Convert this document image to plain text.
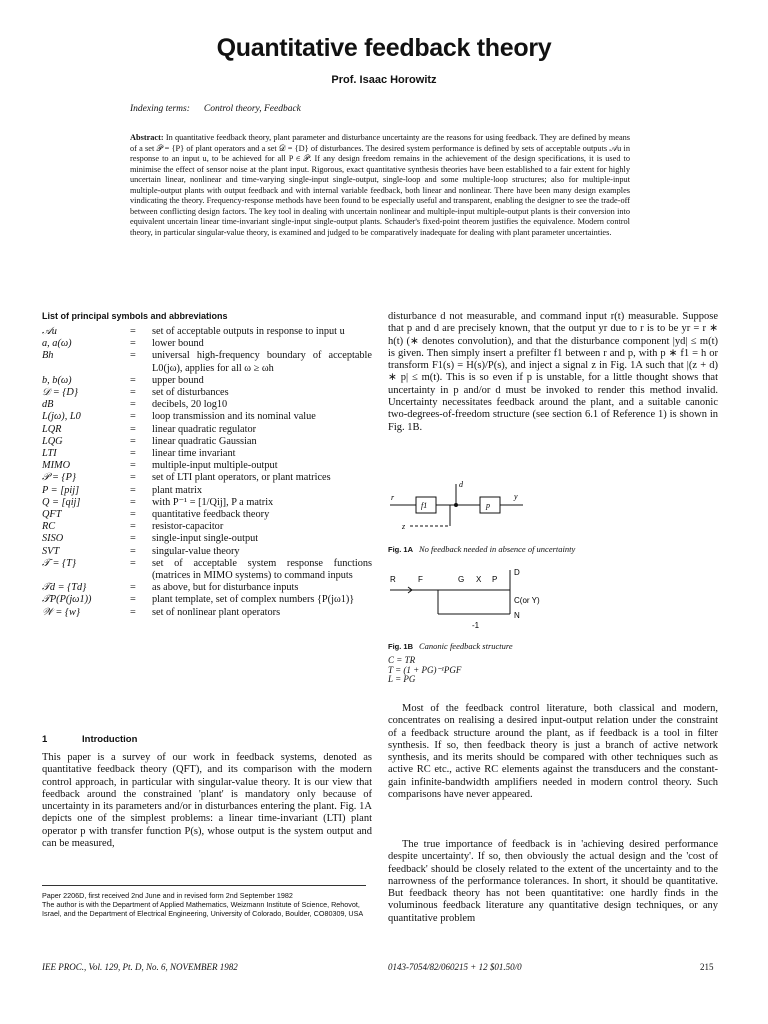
Quantitative feedback theory
Prof. Isaac Horowitz
Indexing terms: Control theory, Feedback
Abstract: In quantitative feedback theory, plant parameter and disturbance uncertainty are the reasons for using feedback. They are defined by means of a set 𝒫 = {P} of plant operators and a set 𝒟 = {D} of disturbances. The desired system performance is defined by sets of acceptable outputs 𝒜u in response to an input u, to be achieved for all P ∈ 𝒫. If any design freedom remains in the achievement of the design specifications, it is used to minimise the effect of sensor noise at the plant input. Rigorous, exact quantitative synthesis theories have been established to a fair extent for highly uncertain linear, nonlinear and time-varying single-input single-output, single-loop and some multiple-loop structures; also for multiple-input multiple-output plants with output feedback and with internal variable feedback, both linear and nonlinear. There have been many design examples vindicating the theory. Frequency-response methods have been found to be especially useful and transparent, enabling the designer to see the trade-off between conflicting design factors. The key tool in dealing with uncertain nonlinear and multiple-input multiple-output plants is their conversion into equivalent uncertain linear time-invariant single-input single-output plants. Schauder's fixed-point theorem justifies the equivalence. Modern control theory, in particular singular-value theory, is examined and judged to be comparatively inadequate for dealing with plant parameter uncertainties.
List of principal symbols and abbreviations
𝒜u	=	set of acceptable outputs in response to input u
a, a(ω)	=	lower bound
Bh	=	universal high-frequency boundary of acceptable L0(jω), applies for all ω ≥ ωh
b, b(ω)	=	upper bound
𝒟 = {D}	=	set of disturbances
dB	=	decibels, 20 log10
L(jω), L0	=	loop transmission and its nominal value
LQR	=	linear quadratic regulator
LQG	=	linear quadratic Gaussian
LTI	=	linear time invariant
MIMO	=	multiple-input multiple-output
𝒫 = {P}	=	set of LTI plant operators, or plant matrices
P = [pij]	=	plant matrix
Q = [qij]	=	with P⁻¹ = [1/Qij], P a matrix
QFT	=	quantitative feedback theory
RC	=	resistor-capacitor
SISO	=	single-input single-output
SVT	=	singular-value theory
𝒯 = {T}	=	set of acceptable system response functions (matrices in MIMO systems) to command inputs
𝒯d = {Td}	=	as above, but for disturbance inputs
𝒯P(P(jω1))	=	plant template, set of complex numbers {P(jω1)}
𝒲 = {w}	=	set of nonlinear plant operators
1	Introduction
This paper is a survey of our work in feedback systems, denoted as quantitative feedback theory (QFT), and its comparison with the modern control approach, in particular with singular-value theory. It is our view that feedback around the constrained 'plant' is mandatory only because of uncertainty in its parameters and/or in disturbances entering the plant. Fig. 1A depicts one of the simplest problems: a linear time-invariant (LTI) plant operator p with transfer function P(s), whose output is the system output and can be measured,
Paper 2206D, first received 2nd June and in revised form 2nd September 1982
The author is with the Department of Applied Mathematics, Weizmann Institute of Science, Rehovot, Israel, and the Department of Electrical Engineering, University of Colorado, Boulder, CO80309, USA
disturbance d not measurable, and command input r(t) measurable. Suppose that p and d are precisely known, that the output yr due to r is to be yr = r ∗ h(t) (∗ denotes convolution), and that the disturbance component |yd| ≤ m(t) is given. Then simply insert a prefilter f1 between r and p, with p ∗ f1 = h or transform F1(s) = H(s)/P(s), and inject a signal z in Fig. 1A such that |(z + d) ∗ p| ≤ m(t). This is so even if p is unstable, for a little thought shows that uncertainty in p and/or d must be invoked to render this method invalid. Uncertainty necessitates feedback around the plant, and a suitable canonic two-degrees-of-freedom structure (see section 6.1 of Reference 1) is shown in Fig. 1B.
r
f1
d
z
p
y
Fig. 1A No feedback needed in absence of uncertainty
R	F	G X P
D
C(or Y)
N
-1
Fig. 1B Canonic feedback structure
C = TR
T = (1 + PG)⁻¹PGF
L = PG
Most of the feedback control literature, both classical and modern, concentrates on realising a desired input-output relation under the constraint of a feedback structure around the plant, as if feedback is a tool in filter synthesis. If so, then feedback theory is just a branch of active network synthesis, and its merits should be compared with other techniques such as active RC etc., active RC elements against the transducers and the constant-gain infinite-bandwidth amplifiers needed in modern control theory. Such comparisons have never appeared.
The true importance of feedback is in 'achieving desired performance despite uncertainty'. If so, then obviously the actual design and the 'cost of feedback' should be closely related to the extent of the uncertainty and to the narrowness of the performance tolerances. In short, it should be quantitative. But feedback theory has not been quantitative: one hardly finds in the voluminous feedback literature any quantitative design techniques, or any quantitative problem
IEE PROC., Vol. 129, Pt. D, No. 6, NOVEMBER 1982	0143-7054/82/060215 + 12 $01.50/0	215
